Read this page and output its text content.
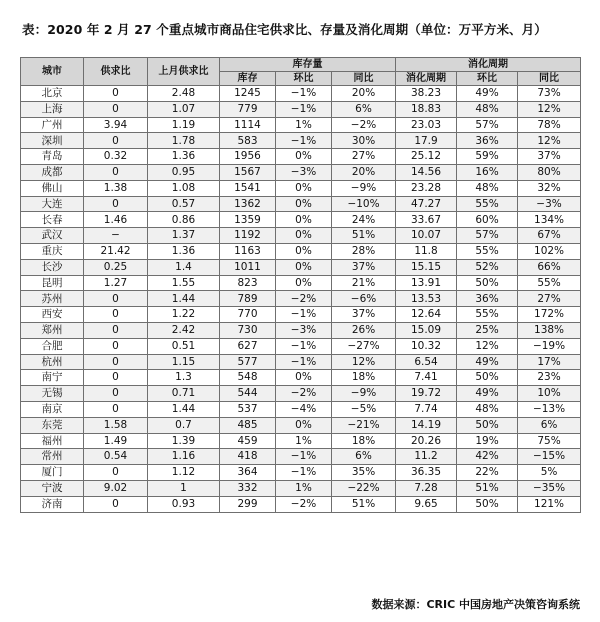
表：2020 年 2 月 27 个重点城市商品住宅供求比、存量及消化周期（单位：万平方米、月）
城市	供求比	上月供求比	库存量			消化周期		
			库存	环比	同比	消化周期	环比	同比
北京	0	2.48	1245	−1%	20%	38.23	49%	73%
上海	0	1.07	779	−1%	6%	18.83	48%	12%
广州	3.94	1.19	1114	1%	−2%	23.03	57%	78%
深圳	0	1.78	583	−1%	30%	17.9	36%	12%
青岛	0.32	1.36	1956	0%	27%	25.12	59%	37%
成都	0	0.95	1567	−3%	20%	14.56	16%	80%
佛山	1.38	1.08	1541	0%	−9%	23.28	48%	32%
大连	0	0.57	1362	0%	−10%	47.27	55%	−3%
长春	1.46	0.86	1359	0%	24%	33.67	60%	134%
武汉	−	1.37	1192	0%	51%	10.07	57%	67%
重庆	21.42	1.36	1163	0%	28%	11.8	55%	102%
长沙	0.25	1.4	1011	0%	37%	15.15	52%	66%
昆明	1.27	1.55	823	0%	21%	13.91	50%	55%
苏州	0	1.44	789	−2%	−6%	13.53	36%	27%
西安	0	1.22	770	−1%	37%	12.64	55%	172%
郑州	0	2.42	730	−3%	26%	15.09	25%	138%
合肥	0	0.51	627	−1%	−27%	10.32	12%	−19%
杭州	0	1.15	577	−1%	12%	6.54	49%	17%
南宁	0	1.3	548	0%	18%	7.41	50%	23%
无锡	0	0.71	544	−2%	−9%	19.72	49%	10%
南京	0	1.44	537	−4%	−5%	7.74	48%	−13%
东莞	1.58	0.7	485	0%	−21%	14.19	50%	6%
福州	1.49	1.39	459	1%	18%	20.26	19%	75%
常州	0.54	1.16	418	−1%	6%	11.2	42%	−15%
厦门	0	1.12	364	−1%	35%	36.35	22%	5%
宁波	9.02	1	332	1%	−22%	7.28	51%	−35%
济南	0	0.93	299	−2%	51%	9.65	50%	121%
数据来源：CRIC 中国房地产决策咨询系统
